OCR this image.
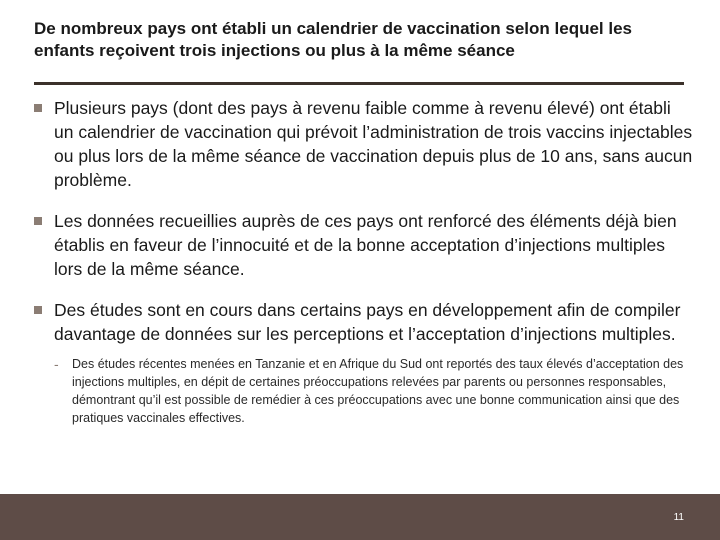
De nombreux pays ont établi un calendrier de vaccination selon lequel les enfants reçoivent trois injections ou plus à la même séance
Plusieurs pays (dont des pays à revenu faible comme à revenu élevé) ont établi un calendrier de vaccination qui prévoit l’administration de trois vaccins injectables ou plus lors de la même séance de vaccination depuis plus de 10 ans, sans aucun problème.
Les données recueillies auprès de ces pays ont renforcé des éléments déjà bien établis en faveur de l’innocuité et de la bonne acceptation d’injections multiples lors de la même séance.
Des études sont en cours dans certains pays en développement afin de compiler davantage de données sur les perceptions et l’acceptation d’injections multiples.
- Des études récentes menées en Tanzanie et en Afrique du Sud ont reportés des taux élevés d’acceptation des injections multiples, en dépit de certaines préoccupations relevées par parents ou personnes responsables, démontrant qu’il est possible de remédier à ces préoccupations avec une bonne communication ainsi que des pratiques vaccinales effectives.
11
